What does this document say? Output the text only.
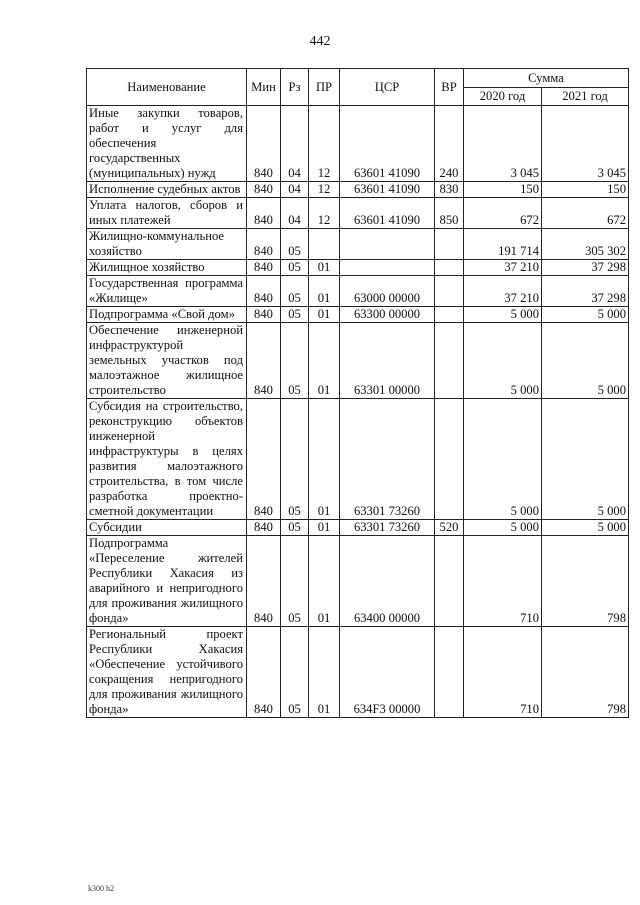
442
Наименование	Мин	Рз	ПР	ЦСР	ВР	Сумма	
						2020 год	2021 год
Иные закупки товаров, работ и услуг для обеспечения государственных (муниципальных) нужд	840	04	12	63601 41090	240	3 045	3 045
Исполнение судебных актов	840	04	12	63601 41090	830	150	150
Уплата налогов, сборов и иных платежей	840	04	12	63601 41090	850	672	672
Жилищно-коммунальное хозяйство	840	05				191 714	305 302
Жилищное хозяйство	840	05	01			37 210	37 298
Государственная программа «Жилище»	840	05	01	63000 00000		37 210	37 298
Подпрограмма «Свой дом»	840	05	01	63300 00000		5 000	5 000
Обеспечение инженерной инфраструктурой земельных участков под малоэтажное жилищное строительство	840	05	01	63301 00000		5 000	5 000
Субсидия на строительство, реконструкцию объектов инженерной инфраструктуры в целях развития малоэтажного строительства, в том числе разработка проектно-сметной документации	840	05	01	63301 73260		5 000	5 000
Субсидии	840	05	01	63301 73260	520	5 000	5 000
Подпрограмма «Переселение жителей Республики Хакасия из аварийного и непригодного для проживания жилищного фонда»	840	05	01	63400 00000		710	798
Региональный проект Республики Хакасия «Обеспечение устойчивого сокращения непригодного для проживания жилищного фонда»	840	05	01	634F3 00000		710	798
k300 h2
